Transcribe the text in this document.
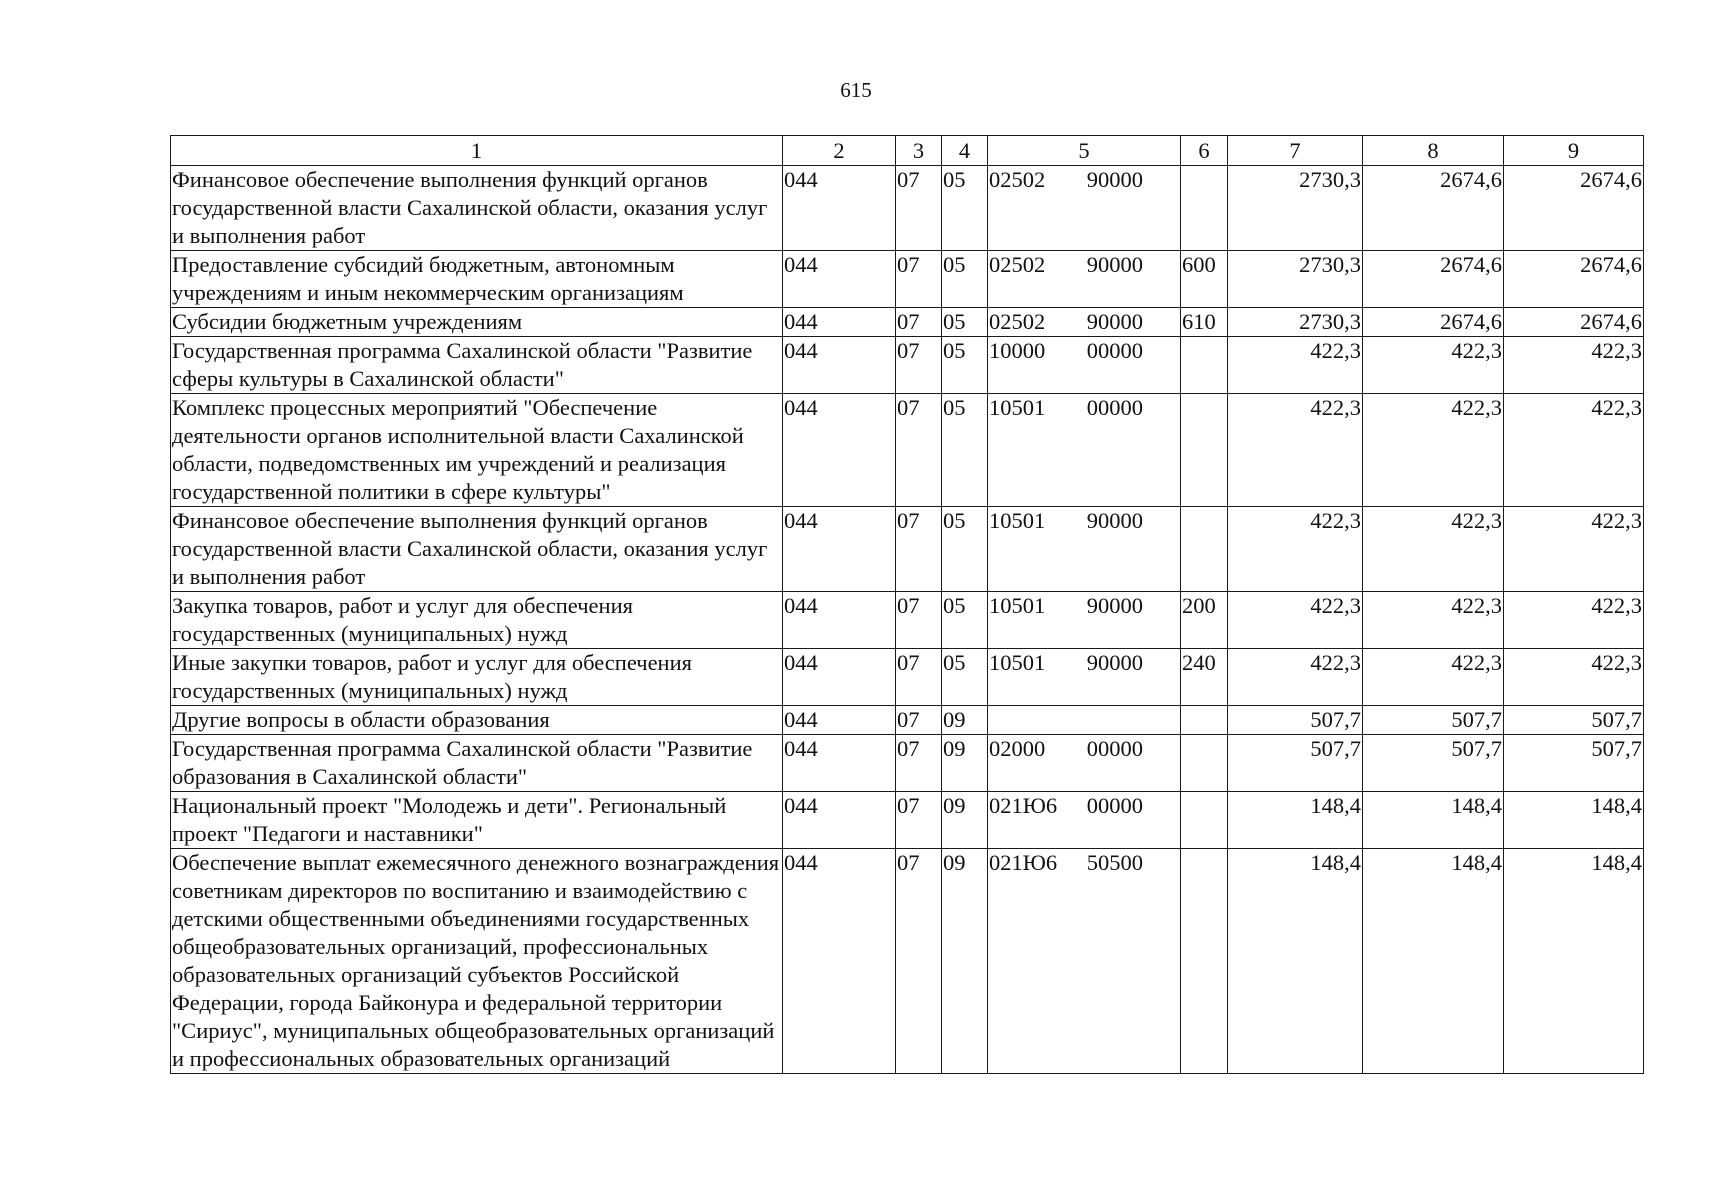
615
1	2	3	4	5	6	7	8	9
Финансовое обеспечение выполнения функций органов государственной власти Сахалинской области, оказания услуг и выполнения работ	044	07	05	02502 90000		2730,3	2674,6	2674,6
Предоставление субсидий бюджетным, автономным учреждениям и иным некоммерческим организациям	044	07	05	02502 90000	600	2730,3	2674,6	2674,6
Субсидии бюджетным учреждениям	044	07	05	02502 90000	610	2730,3	2674,6	2674,6
Государственная программа Сахалинской области "Развитие сферы культуры в Сахалинской области"	044	07	05	10000 00000		422,3	422,3	422,3
Комплекс процессных мероприятий "Обеспечение деятельности органов исполнительной власти Сахалинской области, подведомственных им учреждений и реализация государственной политики в сфере культуры"	044	07	05	10501 00000		422,3	422,3	422,3
Финансовое обеспечение выполнения функций органов государственной власти Сахалинской области, оказания услуг и выполнения работ	044	07	05	10501 90000		422,3	422,3	422,3
Закупка товаров, работ и услуг для обеспечения государственных (муниципальных) нужд	044	07	05	10501 90000	200	422,3	422,3	422,3
Иные закупки товаров, работ и услуг для обеспечения государственных (муниципальных) нужд	044	07	05	10501 90000	240	422,3	422,3	422,3
Другие вопросы в области образования	044	07	09			507,7	507,7	507,7
Государственная программа Сахалинской области "Развитие образования в Сахалинской области"	044	07	09	02000 00000		507,7	507,7	507,7
Национальный проект "Молодежь и дети". Региональный проект "Педагоги и наставники"	044	07	09	021Ю6 00000		148,4	148,4	148,4
Обеспечение выплат ежемесячного денежного вознаграждения советникам директоров по воспитанию и взаимодействию с детскими общественными объединениями государственных общеобразовательных организаций, профессиональных образовательных организаций субъектов Российской Федерации, города Байконура и федеральной территории "Сириус", муниципальных общеобразовательных организаций и профессиональных образовательных организаций	044	07	09	021Ю6 50500		148,4	148,4	148,4
